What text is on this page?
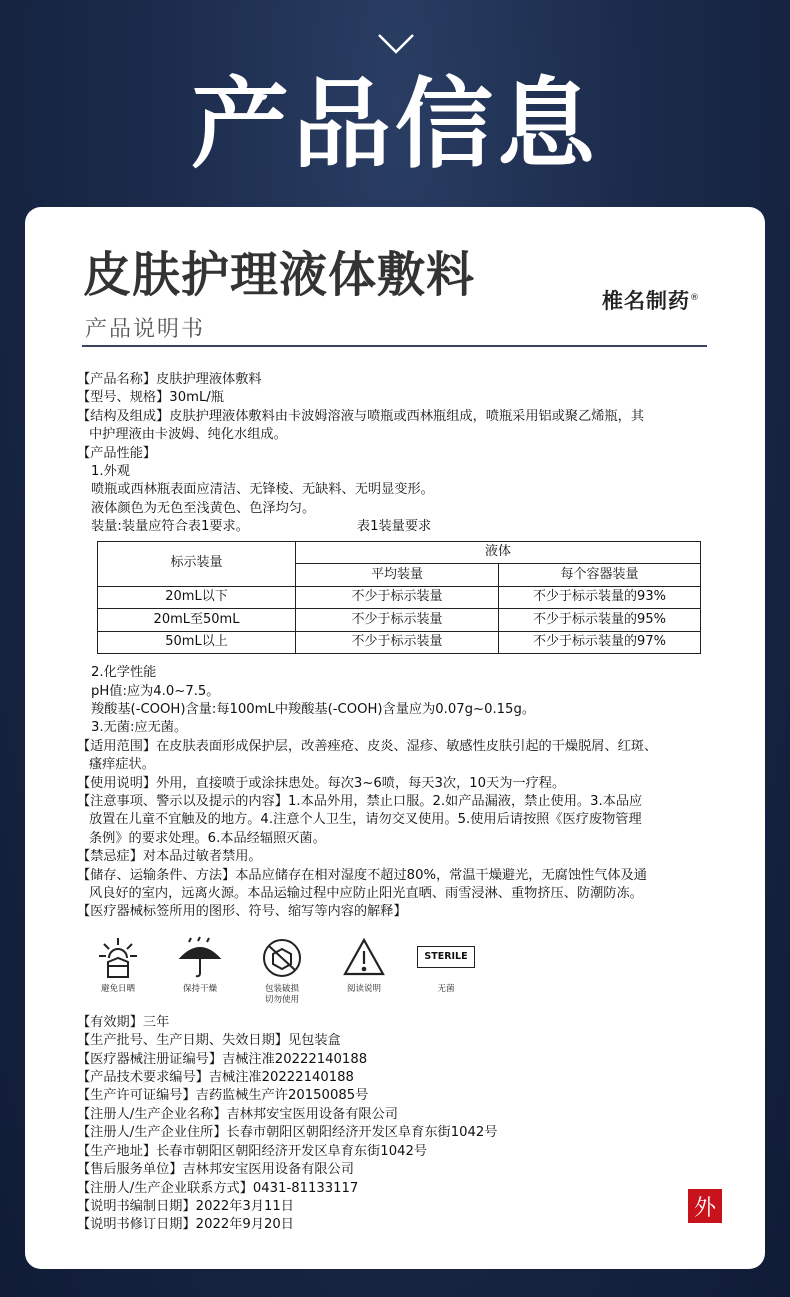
产品信息
皮肤护理液体敷料
产品说明书
椎名制药®

【产品名称】皮肤护理液体敷料

【型号、规格】30mL/瓶

【结构及组成】皮肤护理液体敷料由卡波姆溶液与喷瓶或西林瓶组成，喷瓶采用铝或聚乙烯瓶，其

中护理液由卡波姆、纯化水组成。

【产品性能】

1.外观

喷瓶或西林瓶表面应清洁、无锋棱、无缺料、无明显变形。

液体颜色为无色至浅黄色、色泽均匀。

装量:装量应符合表1要求。	表1装量要求
标示装量	液体	
	平均装量	每个容器装量
20mL以下	不少于标示装量	不少于标示装量的93%
20mL至50mL	不少于标示装量	不少于标示装量的95%
50mL以上	不少于标示装量	不少于标示装量的97%

2.化学性能

pH值:应为4.0~7.5。

羧酸基(-COOH)含量:每100mL中羧酸基(-COOH)含量应为0.07g~0.15g。

3.无菌:应无菌。

【适用范围】在皮肤表面形成保护层，改善痤疮、皮炎、湿疹、敏感性皮肤引起的干燥脱屑、红斑、

瘙痒症状。

【使用说明】外用，直接喷于或涂抹患处。每次3~6喷，每天3次，10天为一疗程。

【注意事项、警示以及提示的内容】1.本品外用，禁止口服。2.如产品漏液，禁止使用。3.本品应

放置在儿童不宜触及的地方。4.注意个人卫生，请勿交叉使用。5.使用后请按照《医疗废物管理

条例》的要求处理。6.本品经辐照灭菌。

【禁忌症】对本品过敏者禁用。

【储存、运输条件、方法】本品应储存在相对湿度不超过80%，常温干燥避光，无腐蚀性气体及通

风良好的室内，远离火源。本品运输过程中应防止阳光直晒、雨雪浸淋、重物挤压、防潮防冻。

【医疗器械标签所用的图形、符号、缩写等内容的解释】

避免日晒	保持干燥	包装破损
切勿使用
阅读说明
STERILE
无菌

【有效期】三年

【生产批号、生产日期、失效日期】见包装盒

【医疗器械注册证编号】吉械注准20222140188

【产品技术要求编号】吉械注准20222140188

【生产许可证编号】吉药监械生产许20150085号

【注册人/生产企业名称】吉林邦安宝医用设备有限公司

【注册人/生产企业住所】长春市朝阳区朝阳经济开发区阜育东街1042号

【生产地址】长春市朝阳区朝阳经济开发区阜育东街1042号

【售后服务单位】吉林邦安宝医用设备有限公司

【注册人/生产企业联系方式】0431-81133117

【说明书编制日期】2022年3月11日

【说明书修订日期】2022年9月20日

外
